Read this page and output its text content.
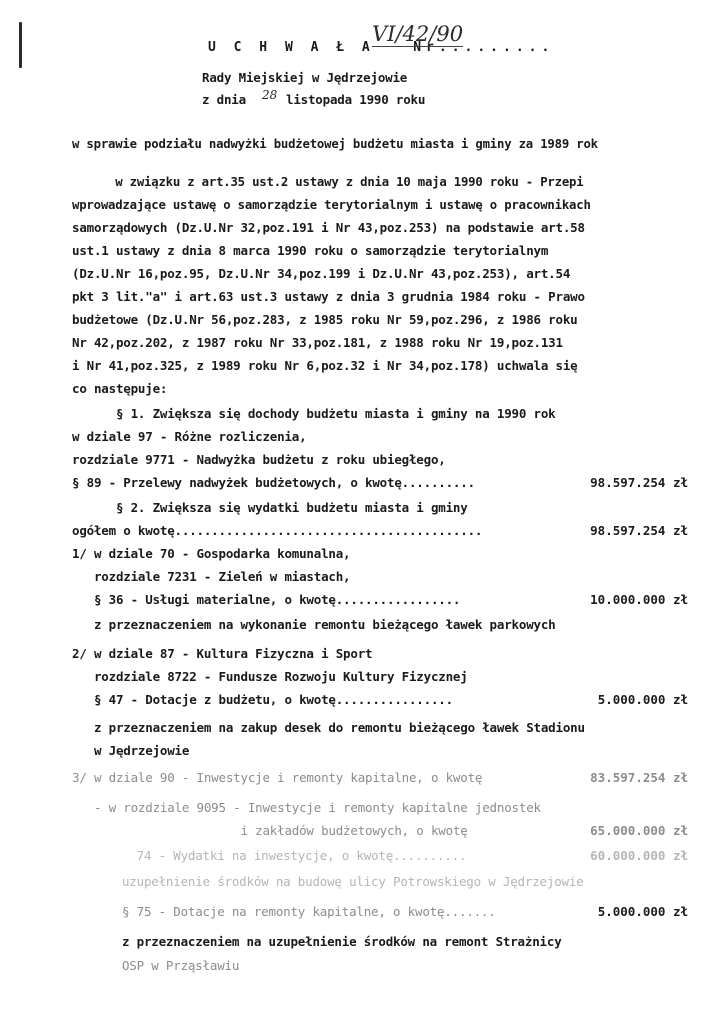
U C H W A Ł A   Nr.........
VI/42/90
Rady Miejskiej w Jędrzejowie
z dnia 28 listopada 1990 roku
w sprawie podziału nadwyżki budżetowej budżetu miasta i gminy za 1989 rok
w związku z art.35 ust.2 ustawy z dnia 10 maja 1990 roku - Przepi
wprowadzające ustawę o samorządzie terytorialnym i ustawę o pracownikach
samorządowych (Dz.U.Nr 32,poz.191 i Nr 43,poz.253) na podstawie art.58
ust.1 ustawy z dnia 8 marca 1990 roku o samorządzie terytorialnym
(Dz.U.Nr 16,poz.95, Dz.U.Nr 34,poz.199 i Dz.U.Nr 43,poz.253), art.54
pkt 3 lit."a" i art.63 ust.3 ustawy z dnia 3 grudnia 1984 roku - Prawo
budżetowe (Dz.U.Nr 56,poz.283, z 1985 roku Nr 59,poz.296, z 1986 roku
Nr 42,poz.202, z 1987 roku Nr 33,poz.181, z 1988 roku Nr 19,poz.131
i Nr 41,poz.325, z 1989 roku Nr 6,poz.32 i Nr 34,poz.178) uchwala się
co następuje:
§ 1. Zwiększa się dochody budżetu miasta i gminy na 1990 rok
w dziale 97 - Różne rozliczenia,
rozdziale 9771 - Nadwyżka budżetu z roku ubiegłego,
§ 89 - Przelewy nadwyżek budżetowych, o kwotę..........	98.597.254 zł
§ 2. Zwiększa się wydatki budżetu miasta i gminy
ogółem o kwotę..........................................	98.597.254 zł
1/ w dziale 70 - Gospodarka komunalna,
rozdziale 7231 - Zieleń w miastach,
§ 36 - Usługi materialne, o kwotę.................	10.000.000 zł
z przeznaczeniem na wykonanie remontu bieżącego ławek parkowych
2/ w dziale 87 - Kultura Fizyczna i Sport
rozdziale 8722 - Fundusze Rozwoju Kultury Fizycznej
§ 47 - Dotacje z budżetu, o kwotę................	5.000.000 zł
z przeznaczeniem na zakup desek do remontu bieżącego ławek Stadionu
w Jędrzejowie
3/ w dziale 90 - Inwestycje i remonty kapitalne, o kwotę	83.597.254 zł
- w rozdziale 9095 - Inwestycje i remonty kapitalne jednostek
i zakładów budżetowych, o kwotę	65.000.000 zł
74 - Wydatki na inwestycje, o kwotę..........	60.000.000 zł
uzupełnienie środków na budowę ulicy Potrowskiego w Jędrzejowie
§ 75 - Dotacje na remonty kapitalne, o kwotę.......	5.000.000 zł
z przeznaczeniem na uzupełnienie środków na remont Strażnicy
OSP w Prząsławiu
